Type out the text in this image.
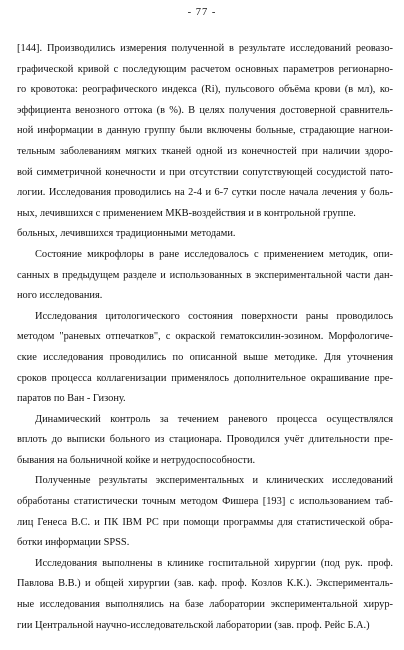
- 77 -
[144]. Производились измерения полученной в результате исследований реовазо-
графической кривой с последующим расчетом основных параметров регионарно-
го кровотока: реографического индекса (Ri), пульсового объёма крови (в мл), ко-
эффициента венозного оттока (в %). В целях получения достоверной сравнитель-
ной информации в данную группу были включены больные, страдающие нагнои-
тельным заболеваниям мягких тканей одной из конечностей при наличии здоро-
вой симметричной конечности и при отсутствии сопутствующей сосудистой пато-
логии. Исследования проводились на 2-4 и 6-7 сутки после начала лечения у боль-
ных, лечившихся с применением МКВ-воздействия и в контрольной группе.
больных, лечившихся традиционными методами.
Состояние микрофлоры в ране исследовалось с применением методик, опи-
санных в предыдущем разделе и использованных в экспериментальной части дан-
ного исследования.
Исследования цитологического состояния поверхности раны проводилось
методом "раневых отпечатков", с окраской гематоксилин-эозином. Морфологиче-
ские исследования проводились по описанной выше методике. Для уточнения
сроков процесса коллагенизации применялось дополнительное окрашивание пре-
паратов по Ван - Гизону.
Динамический контроль за течением раневого процесса осуществлялся
вплоть до выписки больного из стационара. Проводился учёт длительности пре-
бывания на больничной койке и нетрудоспособности.
Полученные результаты экспериментальных и клинических исследований
обработаны статистически точным методом Фишера [193] с использованием таб-
лиц Генеса В.С. и ПК IBM PC при помощи программы для статистической обра-
ботки информации SPSS.
Исследования выполнены в клинике госпитальной хирургии (под рук. проф.
Павлова В.В.) и общей хирургии (зав. каф. проф. Козлов К.К.). Эксперименталь-
ные исследования выполнялись на базе лаборатории экспериментальной хирур-
гии Центральной научно-исследовательской лаборатории (зав. проф. Рейс Б.А.)
